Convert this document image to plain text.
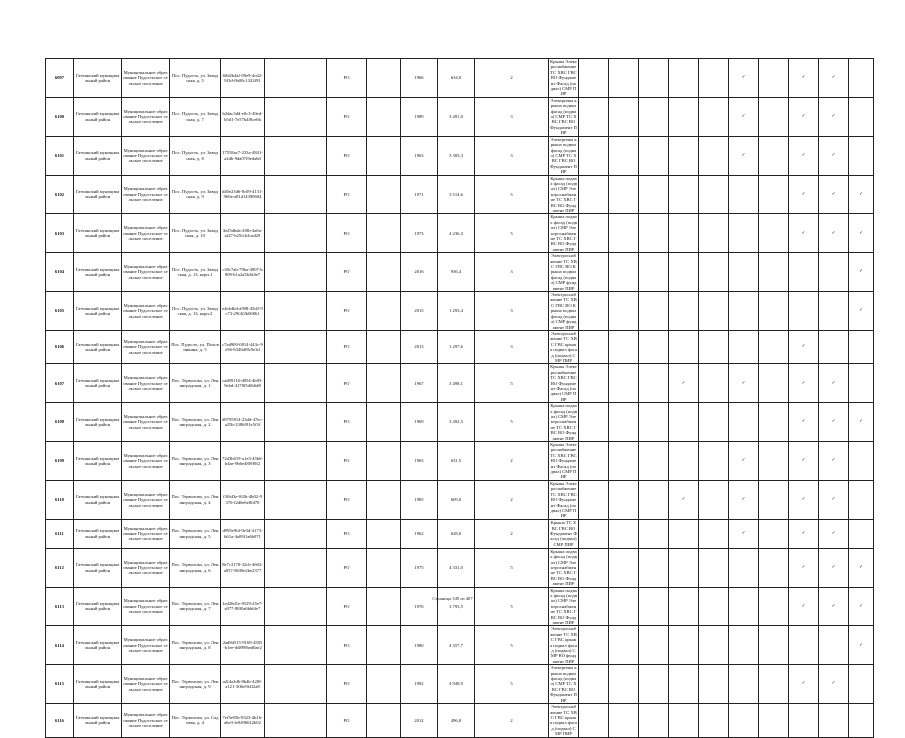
6097	Гатчинский муниципальный район	Муниципальное образование Пудостьское сельское поселение	Пос. Пудость, ул. Заводская, д. 5	60d2b4af-09e9-4cd2-9f3d-0b00c1322f91		РО		1966	634,0	2	Крыша Электроснабжение ТС ХВС ГВС ВО Фундамент Фасад (подвал) СМР ПИР						✓		✓	✓		
6100	Гатчинский муниципальный район	Муниципальное образование Пудостьское сельское поселение	Пос. Пудость, ул. Заводская, д. 7	b2dac3dd-e0c3-49ed-b5d1-7e57b4f8ce6b		РО		1989	3 491,0	3	Электричка крыша подвал фасад (подвал) СМР ТС ХВС ГВС ВО Фундамент ПИР						✓		✓	✓		
6101	Гатчинский муниципальный район	Муниципальное образование Пудостьское сельское поселение	Пос. Пудость, ул. Заводская, д. 8	17558ac7-233a-4841-a2db-9da07f9eda6d		РО		1963	3 383,3	3	Электричка крыша подвал фасад (подвал) СМР ТС ХВС ГВС ВО Фундамент ПИР						✓		✓	✓		
6102	Гатчинский муниципальный район	Муниципальное образование Пудостьское сельское поселение	Пос. Пудость, ул. Заводская, д. 9	d40e23d6-8c09-4131-960a-a81d14390604		РО		1971	3 514,6	5	Крыша подвал фасад (подвал) СМР Электроснабжение ТС ХВС ГВС ВО Фундамент ПИР								✓	✓	✓	
6103	Гатчинский муниципальный район	Муниципальное образование Пудостьское сельское поселение	Пос. Пудость, ул. Заводская, д. 10	3e25dbda-2f0b-4a6a-af27-b25fcb2cad29		РО		1973	4 236,3	5	Крыша подвал фасад (подвал) СМР Электроснабжение ТС ХВС ГВС ВО Фундамент ПИР								✓	✓	✓	
6104	Гатчинский муниципальный район	Муниципальное образование Пудостьское сельское поселение	Пос. Пудость, ул. Заводская, д. 13, корп.1	c30c7ab-79ba-4907-b909-b1a2a5b3d4e7		РО		2016	936,4	3	Электроснабжение ТС ХВС ГВС ВО Крыша подвал фасад (подвал) СМР фундамент ПИР										✓	
6105	Гатчинский муниципальный район	Муниципальное образование Пудостьское сельское поселение	Пос. Пудость, ул. Заводская, д. 13, корп.2	e4eb4bd-a998-45d3-9c73-29f4f2b06861		РО		2015	1 293,4	3	Электроснабжение ТС ХВС ГВС ВО Крыша подвал фасад (подвал) СМР фундамент ПИР										✓	
6106	Гатчинский муниципальный район	Муниципальное образование Пудостьское сельское поселение	Пос. Пудость, ул. Половинкина, д. 5	c7ad900-0814-443c-9e96-6346df8c9e3d		РО		2013	1 297,6	3	Электроснабжение ТС ХВС ГВС крыша подвал фасад (подвал) СМР ПИР								✓			
6107	Гатчинский муниципальный район	Муниципальное образование Пудостьское сельское поселение	Пос. Терволово, ул. Ленинградская, д. 1	cad89116-d854-4b95-9ebd-4178f5dfb6d8		РО		1967	3 498,1	5	Крыша Электроснабжение ТС ХВС ГВС ВО Фундамент Фасад (подвал) СМР ПИР				✓		✓		✓	✓		
6108	Гатчинский муниципальный район	Муниципальное образование Пудостьское сельское поселение	Пос. Терволово, ул. Ленинградская, д. 2	d9795814-23dd-47ec-a25b-2386f91e5f3f		РО		1969	3 492,5	5	Крыша подвал фасад (подвал) СМР Электроснабжение ТС ХВС ГВС ВО Фундамент ПИР								✓	✓	✓	
6109	Гатчинский муниципальный район	Муниципальное образование Пудостьское сельское поселение	Пос. Терволово, ул. Ленинградская, д. 3	72d3b019-a1e3-45b6-b4ae-9b6e48f9f0f2		РО		1965	631,5	2	Крыша Электроснабжение ТС ХВС ГВС ВО Фундамент Фасад (подвал) СМР ПИР						✓		✓	✓		
6110	Гатчинский муниципальный район	Муниципальное образование Пудостьское сельское поселение	Пос. Терволово, ул. Ленинградская, д. 4	f3fb43e-0f2b-4b02-9376-f2d6e6e8fd78		РО		1985	609,0	2	Крыша Электроснабжение ТС ХВС ГВС ВО Фундамент Фасад (подвал) СМР ПИР				✓		✓		✓	✓		
6111	Гатчинский муниципальный район	Муниципальное образование Пудостьское сельское поселение	Пос. Терволово, ул. Ленинградская, д. 5	d995e9fd-9e3d-4173-b61a-4a09f1a6b071		РО		1962	628,0	2	Крыша ТС ХВС ГВС ВО Фундамент Фасад (подвал) СМР ПИР						✓		✓	✓		
6112	Гатчинский муниципальный район	Муниципальное образование Пудостьское сельское поселение	Пос. Терволово, ул. Ленинградская, д. 6	8e7c3178-32cb-4602-a057-8638e2be2377		РО		1975	4 331,0	5	Крыша подвал фасад (подвал) СМР Электроснабжение ТС ХВС ГВС ВО Фундамент ПИР								✓	✓	✓	
6113	Гатчинский муниципальный район	Муниципальное образование Пудостьское сельское поселение	Пос. Терволово, ул. Ленинградская, д. 7	1ed26d1e-0529-45e7-a977-88f0a6bb6fe7		РО		1976	3 793,5	5	Крыша подвал фасад (подвал) СМР Электроснабжение ТС ХВС ГВС ВО Фундамент ПИР								✓	✓	✓	
6114	Гатчинский муниципальный район	Муниципальное образование Пудостьское сельское поселение	Пос. Терволово, ул. Ленинградская, д. 8	2ad8d515-9169-4505-b1ee-dd899bed0ae2		РО		1980	4 357,7	5	Электроснабжение ТС ХВС ГВС крыша подвал фасад (подвал) СМР ВО фундамент ПИР										✓	
6115	Гатчинский муниципальный район	Муниципальное образование Пудостьское сельское поселение	Пос. Терволово, ул. Ленинградская, д. 9	a2f4a3d6-8b4b-42f8-a121-3ff6e9f4f2a8		РО		1992	4 948,9	5	Электричка крыша подвал фасад (подвал) СМР ТС ХВС ГВС ВО Фундамент ПИР								✓	✓		
6116	Гатчинский муниципальный район	Муниципальное образование Пудостьское сельское поселение	Пос. Терволово, ул. Садовая, д. 4	7ef3e05b-8323-4b1b-a6e3-fe9496612b02		РО		2012	496,8	2	Электроснабжение ТС ХВС ГВС крыша подвал фасад (подвал) СМР ПИР											
Страница 349 из 407
